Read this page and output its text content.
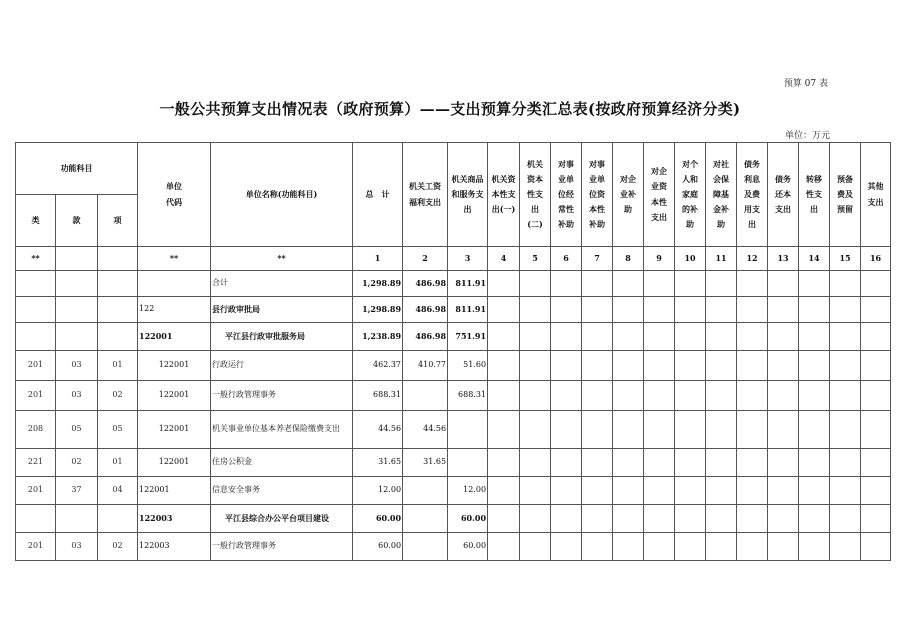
预算 07 表
一般公共预算支出情况表（政府预算）——支出预算分类汇总表(按政府预算经济分类)
单位：万元
功能科目			单位
代码	单位名称(功能科目)	总　计	机关工资
福利支出	机关商品
和服务支
出	机关资
本性支
出(一)	机关
资本
性支
出
(二)	对事
业单
位经
常性
补助	对事
业单
位资
本性
补助	对企
业补
助	对企
业资
本性
支出	对个
人和
家庭
的补
助	对社
会保
障基
金补
助	债务
利息
及费
用支
出	债务
还本
支出	转移
性支
出	预备
费及
预留	其他
支出

类	款	项																		
**			**	**	1	2	3	4	5	6	7	8	9	10	11	12	13	14	15	16
				合计	1,298.89	486.98	811.91													
			122	县行政审批局	1,298.89	486.98	811.91													
			122001	平江县行政审批服务局	1,238.89	486.98	751.91													
201	03	01	122001	行政运行	462.37	410.77	51.60													
201	03	02	122001	一般行政管理事务	688.31		688.31													
208	05	05	122001	机关事业单位基本养老保险缴费支出	44.56	44.56														
221	02	01	122001	住房公积金	31.65	31.65														
201	37	04	122001	信息安全事务	12.00		12.00													
			122003	平江县综合办公平台项目建设	60.00		60.00													
201	03	02	122003	一般行政管理事务	60.00		60.00													
